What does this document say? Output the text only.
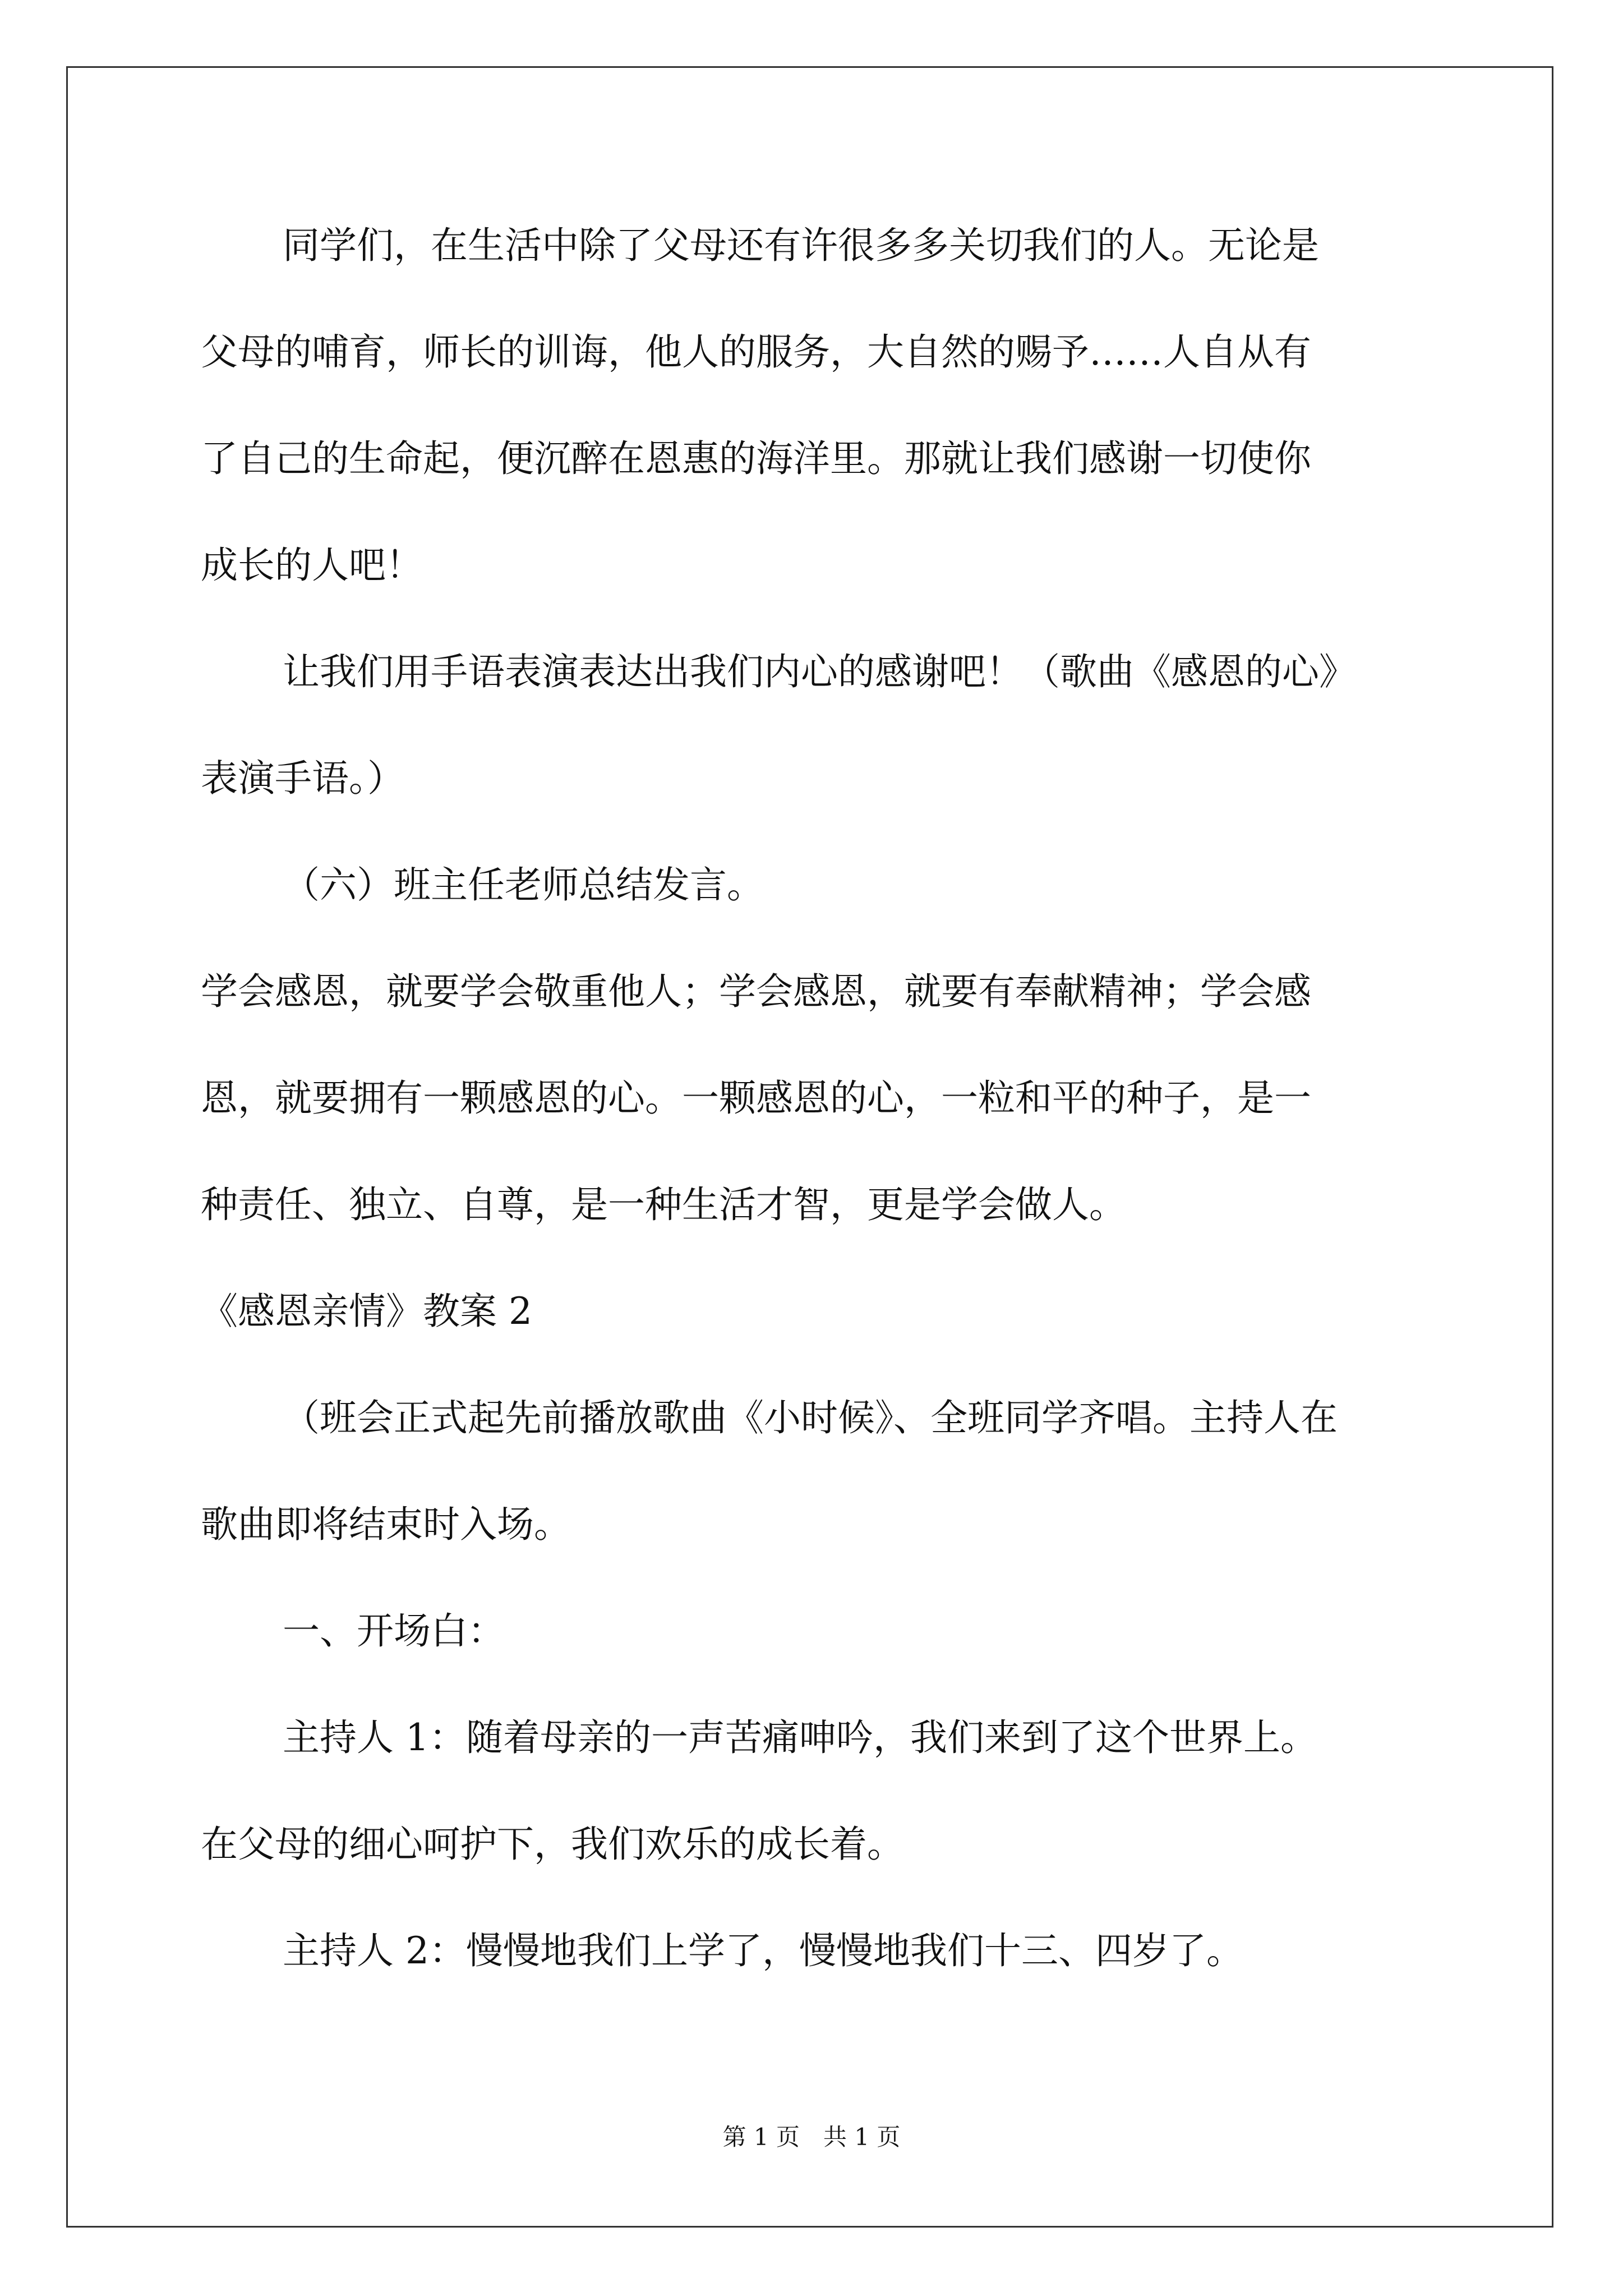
同学们，在生活中除了父母还有许很多多关切我们的人。无论是
父母的哺育，师长的训诲，他人的服务，大自然的赐予……人自从有
了自己的生命起，便沉醉在恩惠的海洋里。那就让我们感谢一切使你
成长的人吧！
让我们用手语表演表达出我们内心的感谢吧！（歌曲《感恩的心》
表演手语。）
（六）班主任老师总结发言。
学会感恩，就要学会敬重他人；学会感恩，就要有奉献精神；学会感
恩，就要拥有一颗感恩的心。一颗感恩的心，一粒和平的种子，是一
种责任、独立、自尊，是一种生活才智，更是学会做人。
《感恩亲情》教案 2
（班会正式起先前播放歌曲《小时候》、全班同学齐唱。主持人在
歌曲即将结束时入场。
一、开场白：
主持人 1：随着母亲的一声苦痛呻吟，我们来到了这个世界上。
在父母的细心呵护下，我们欢乐的成长着。
主持人 2：慢慢地我们上学了，慢慢地我们十三、四岁了。
第 1 页　共 1 页
